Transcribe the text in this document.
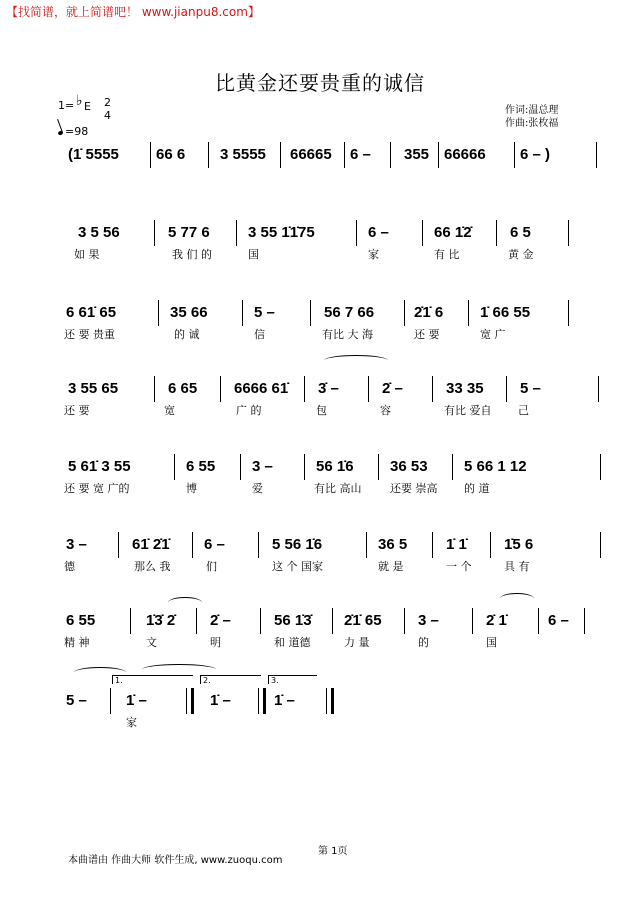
【找简谱，就上简谱吧！ www.jianpu8.com】
比黄金还要贵重的诚信
1= ♭ E 2
4
=98
作词:温总理
作曲:张枚福
(1̇ 5555 66 6 3 5555 66665 6 – 355 66666 6 – )
3 5 56
如 果
5 77 6
我 们 的
3 55 1̇1̇75
国
6 –
家
66 1̇2̇
有 比
6 5
黄 金
6 61̇ 65
还 要 贵重
35 66
的 诚
5 –
信
56 7 66
有比 大 海
2̇1̇ 6
还 要
1̇ 66 55
宽 广
3 55 65
还 要
6 65
宽
6666 61̇
广 的
3̇ –
包
2̇ –
容
33 35
有比 爱自
5 –
己
5 61̇ 3 55
还 要 宽 广的
6 55
博
3 –
爱
56 1̇6
有比 高山
36 53
还要 崇高
5 66 1 12
的 道
3 –
德
61̇ 2̇1̇
那么 我
6 –
们
5 56 1̇6
这 个 国家
36 5
就 是
1̇ 1̇
一 个
1̇5 6
具 有
6 55
精 神
1̇3̇ 2̇
文
2̇ –
明
56 1̇3̇
和 道德
2̇1̇ 65
力 量
3 –
的
2̇ 1̇
国
6 –
1.	2.	3.
5 –	1̇ –
家
1̇ –	1̇ –
第 1页
本曲谱由 作曲大师 软件生成, www.zuoqu.com
